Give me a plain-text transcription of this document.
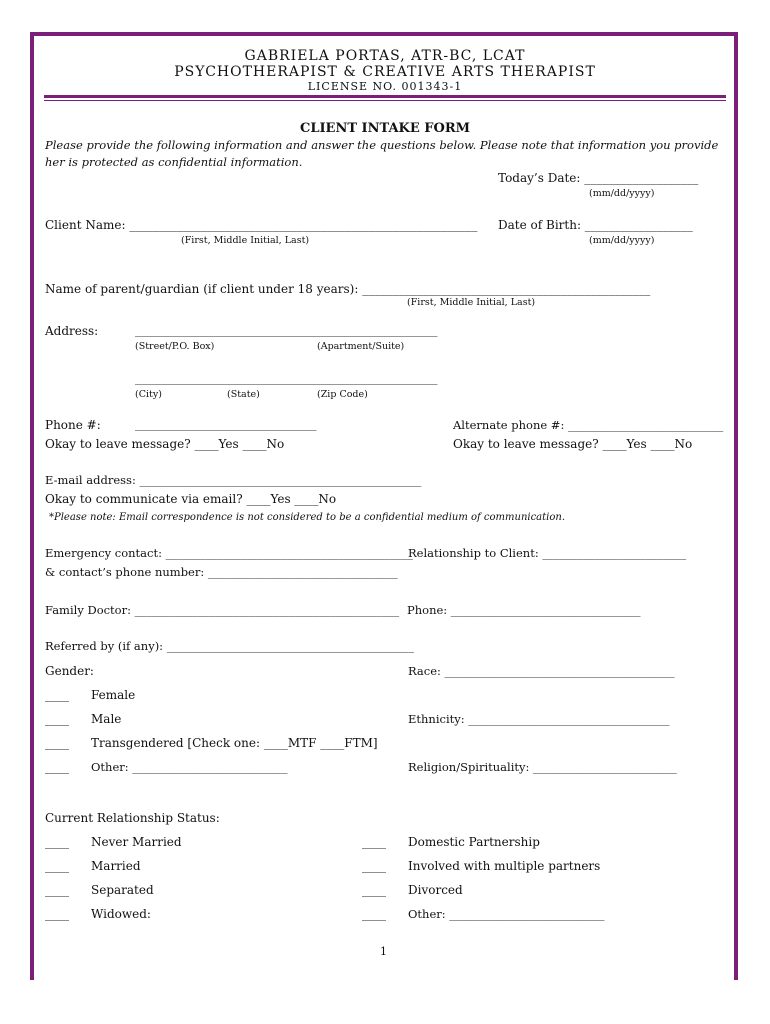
GABRIELA PORTAS, ATR-BC, LCAT
PSYCHOTHERAPIST & CREATIVE ARTS THERAPIST
LICENSE NO. 001343-1
CLIENT INTAKE FORM
Please provide the following information and answer the questions below. Please note that information you provide
her is protected as confidential information.
Today’s Date: ___________________
(mm/dd/yyyy)
Client Name: __________________________________________________________
(First, Middle Initial, Last)
Date of Birth: __________________
(mm/dd/yyyy)
Name of parent/guardian (if client under 18 years): ________________________________________________
(First, Middle Initial, Last)
Address:	_______________________________________________________
(Street/P.O. Box)	(Apartment/Suite)
_______________________________________________________
(City)	(State)	(Zip Code)
Phone #:	_________________________________	Alternate phone #: ___________________________
Okay to leave message? ____Yes ____No	Okay to leave message? ____Yes ____No
E-mail address: _________________________________________________
Okay to communicate via email? ____Yes ____No
*Please note: Email correspondence is not considered to be a confidential medium of communication.
Emergency contact: ___________________________________________
Relationship to Client: _________________________
& contact’s phone number: _________________________________
Family Doctor: ______________________________________________ Phone: _________________________________
Referred by (if any): ___________________________________________
Gender:	Race: ________________________________________
____ Female
____ Male	Ethnicity: ___________________________________
____ Transgendered [Check one: ____MTF ____FTM]
____ Other: ___________________________	Religion/Spirituality: _________________________
Current Relationship Status:
____ Never Married	____ Domestic Partnership
____ Married	____ Involved with multiple partners
____ Separated	____ Divorced
____ Widowed:	____ Other: ___________________________
1
